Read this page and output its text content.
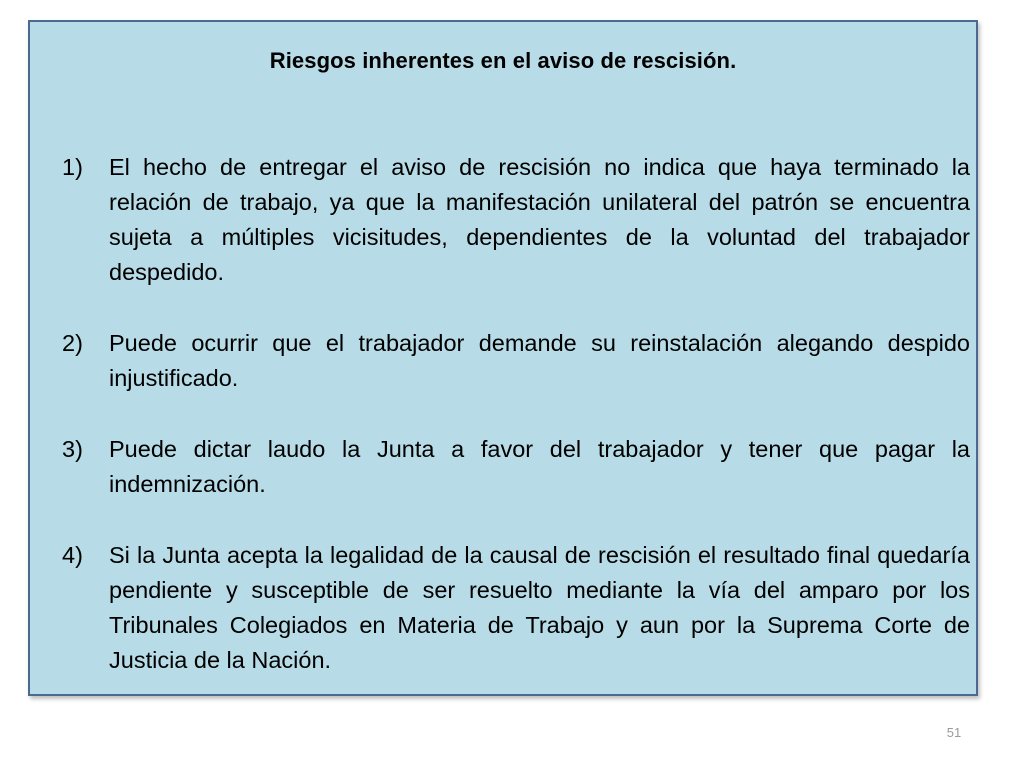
Riesgos inherentes en el aviso de rescisión.
1) El hecho de entregar el aviso de rescisión no indica que haya terminado la relación de trabajo, ya que la manifestación unilateral del patrón se encuentra sujeta a múltiples vicisitudes, dependientes de la voluntad del trabajador despedido.
2) Puede ocurrir que el trabajador demande su reinstalación alegando despido injustificado.
3) Puede dictar laudo la Junta a favor del trabajador y tener que pagar la indemnización.
4) Si la Junta acepta la legalidad de la causal de rescisión el resultado final quedaría pendiente y susceptible de ser resuelto mediante la vía del amparo por los Tribunales Colegiados en Materia de Trabajo y aun por la Suprema Corte de Justicia de la Nación.
51
